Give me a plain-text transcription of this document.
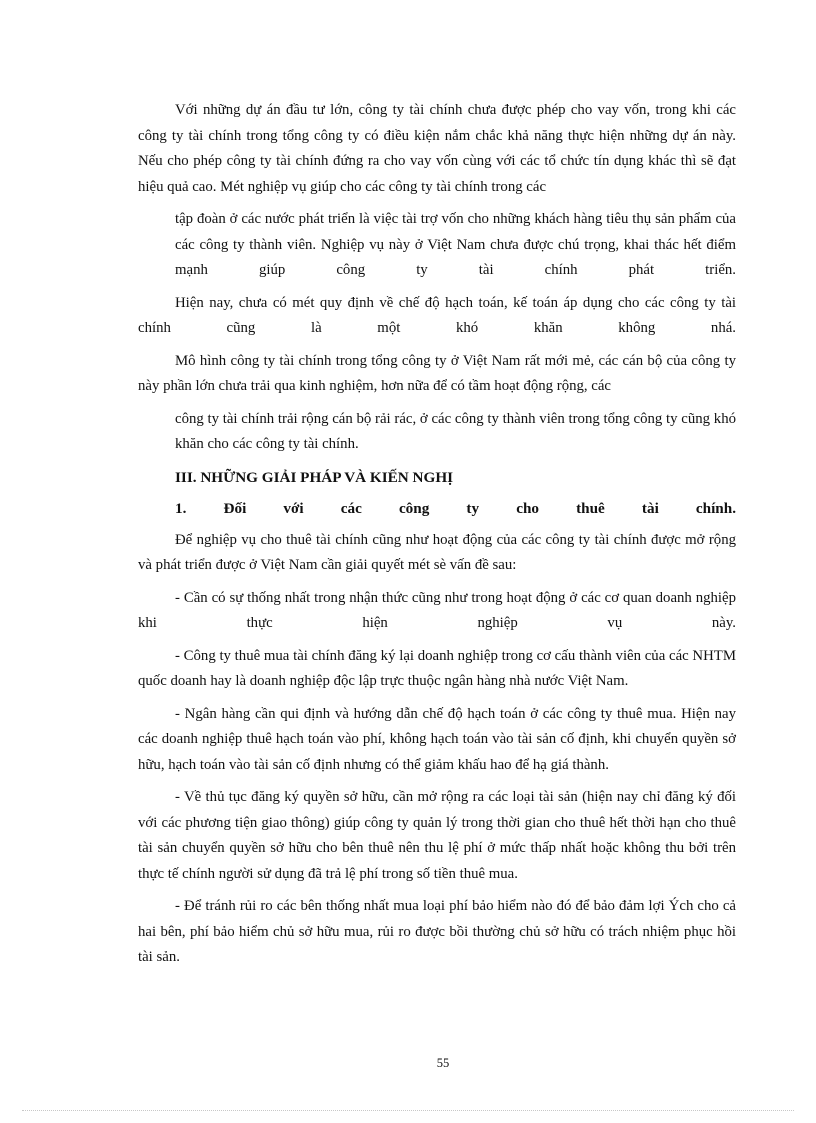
Với những dự án đầu tư lớn, công ty tài chính chưa được phép cho vay vốn, trong khi các công ty tài chính trong tổng công ty có điều kiện nắm chắc khả năng thực hiện những dự án này. Nếu cho phép công ty tài chính đứng ra cho vay vốn cùng với các tổ chức tín dụng khác thì sẽ đạt hiệu quả cao. Mét nghiệp vụ giúp cho các công ty tài chính trong các

tập đoàn ở các nước phát triển là việc tài trợ vốn cho những khách hàng tiêu thụ sản phẩm của các công ty thành viên. Nghiệp vụ này ở Việt Nam chưa được chú trọng, khai thác hết điểm mạnh giúp công ty tài chính phát triển.

Hiện nay, chưa có mét quy định về chế độ hạch toán, kế toán áp dụng cho các công ty tài chính cũng là một khó khăn không nhá.

Mô hình công ty tài chính trong tổng công ty ở Việt Nam rất mới mẻ, các cán bộ của công ty này phần lớn chưa trải qua kinh nghiệm, hơn nữa để có tầm hoạt động rộng, các

công ty tài chính trải rộng cán bộ rải rác, ở các công ty thành viên trong tổng công ty cũng khó khăn cho các công ty tài chính.

III. NHỮNG GIẢI PHÁP VÀ KIẾN NGHỊ
1. Đối với các công ty cho thuê tài chính.

Để nghiệp vụ cho thuê tài chính cũng như hoạt động của các công ty tài chính được mở rộng và phát triển được ở Việt Nam cần giải quyết mét sè vấn đề sau:

- Cần có sự thống nhất trong nhận thức cũng như trong hoạt động ở các cơ quan doanh nghiệp khi thực hiện nghiệp vụ này.

- Công ty thuê mua tài chính đăng ký lại doanh nghiệp trong cơ cấu thành viên của các NHTM quốc doanh hay là doanh nghiệp độc lập trực thuộc ngân hàng nhà nước Việt Nam.

- Ngân hàng cần qui định và hướng dẫn chế độ hạch toán ở các công ty thuê mua. Hiện nay các doanh nghiệp thuê hạch toán vào phí, không hạch toán vào tài sản cố định, khi chuyển quyền sở hữu, hạch toán vào tài sản cố định nhưng có thể giảm khấu hao để hạ giá thành.

- Về thủ tục đăng ký quyền sở hữu, cần mở rộng ra các loại tài sản (hiện nay chỉ đăng ký đối với các phương tiện giao thông) giúp công ty quản lý trong thời gian cho thuê hết thời hạn cho thuê tài sản chuyển quyền sở hữu cho bên thuê nên thu lệ phí ở mức thấp nhất hoặc không thu bởi trên thực tế chính người sử dụng đã trả lệ phí trong số tiền thuê mua.

- Để tránh rủi ro các bên thống nhất mua loại phí bảo hiểm nào đó để bảo đảm lợi Ých cho cả hai bên, phí bảo hiểm chủ sở hữu mua, rủi ro được bồi thường chủ sở hữu có trách nhiệm phục hồi tài sản.

55
